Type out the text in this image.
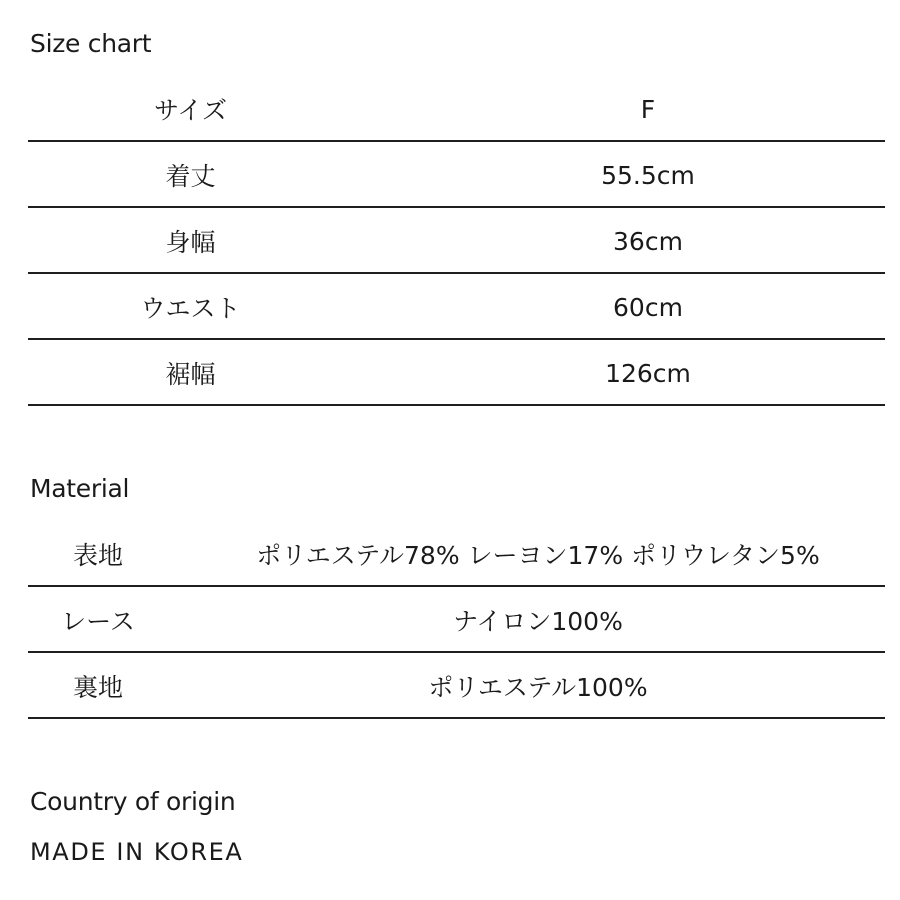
Size chart
サイズ	F
着丈	55.5cm
身幅	36cm
ウエスト	60cm
裾幅	126cm
Material
表地	ポリエステル78% レーヨン17% ポリウレタン5%
レース	ナイロン100%
裏地	ポリエステル100%
Country of origin

MADE IN KOREA
